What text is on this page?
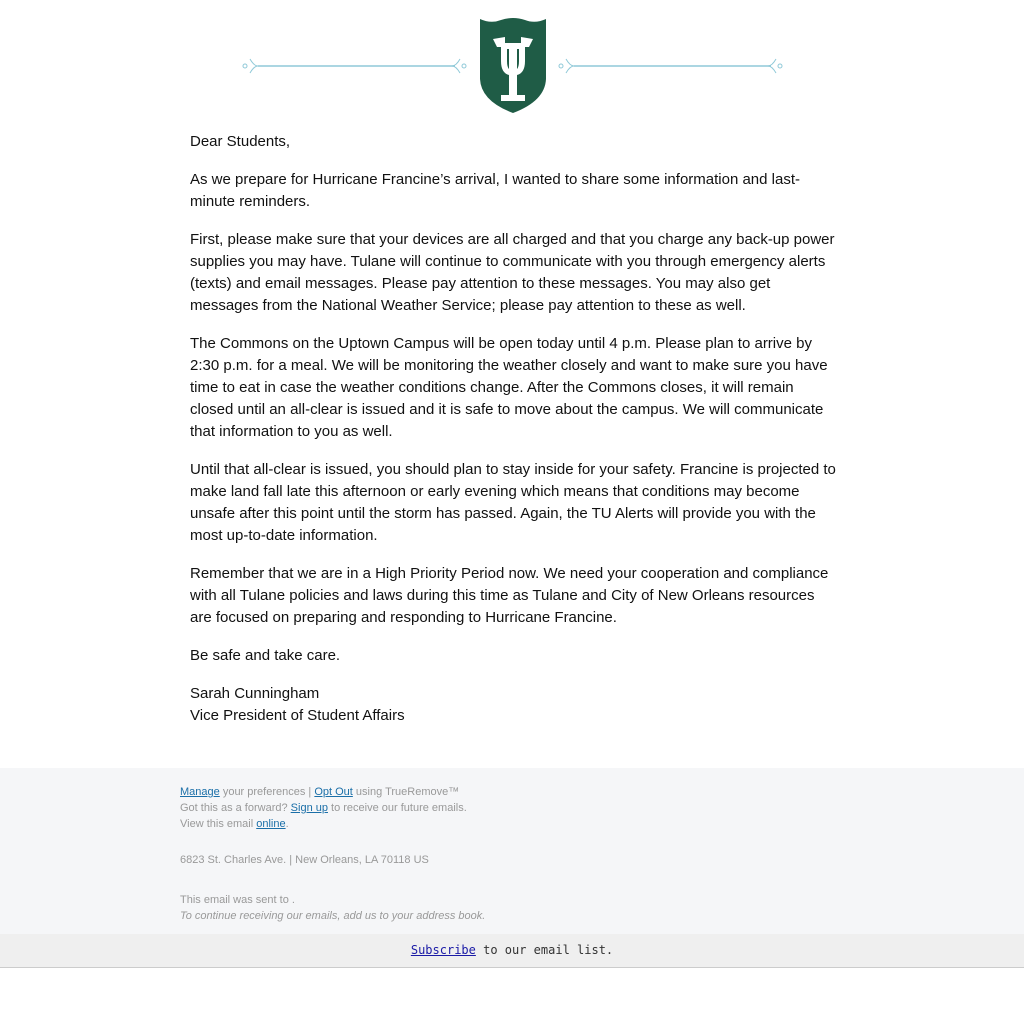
Dear Students,

As we prepare for Hurricane Francine’s arrival, I wanted to share some information and last-minute reminders.

First, please make sure that your devices are all charged and that you charge any back-up power supplies you may have. Tulane will continue to communicate with you through emergency alerts (texts) and email messages. Please pay attention to these messages. You may also get messages from the National Weather Service; please pay attention to these as well.

The Commons on the Uptown Campus will be open today until 4 p.m. Please plan to arrive by 2:30 p.m. for a meal. We will be monitoring the weather closely and want to make sure you have time to eat in case the weather conditions change. After the Commons closes, it will remain closed until an all-clear is issued and it is safe to move about the campus. We will communicate that information to you as well.

Until that all-clear is issued, you should plan to stay inside for your safety. Francine is projected to make land fall late this afternoon or early evening which means that conditions may become unsafe after this point until the storm has passed. Again, the TU Alerts will provide you with the most up-to-date information.

Remember that we are in a High Priority Period now. We need your cooperation and compliance with all Tulane policies and laws during this time as Tulane and City of New Orleans resources are focused on preparing and responding to Hurricane Francine.

Be safe and take care.

Sarah Cunningham
Vice President of Student Affairs

Manage your preferences | Opt Out using TrueRemove™
Got this as a forward? Sign up to receive our future emails.
View this email online.
6823 St. Charles Ave. | New Orleans, LA 70118 US
This email was sent to .
To continue receiving our emails, add us to your address book.
Subscribe to our email list.
